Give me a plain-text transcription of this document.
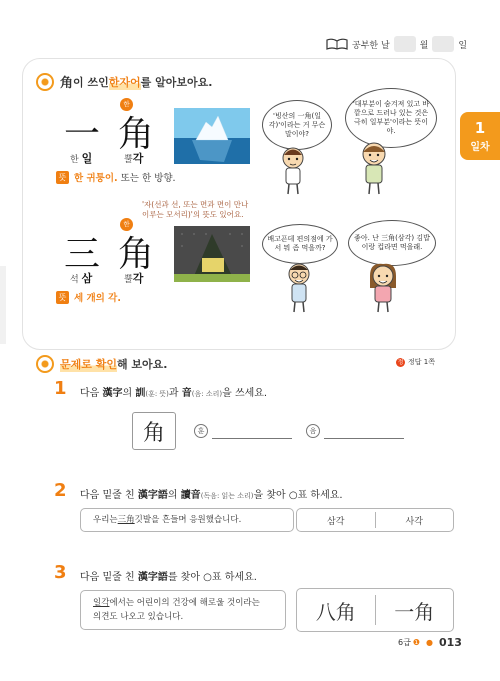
공부한 날	월	일
1
일차
角 이 쓰인 한자어 를 알아보아요.
한
一 角
한 일	뿔각
뜻 한 귀퉁이. 또는 한 방향.
'빙산의 一角(일각)'이라는 거 무슨 말이야?
'대부분이 숨겨져 있고 바깥으로 드러나 있는 것은 극히 일부분'이라는 뜻이야.
'자(선과 선, 또는 면과 면이 만나
이루는 모서리)'의 뜻도 있어요.
한
三 角
석 삼	뿔각
뜻 세 개의 각.
배고픈데 편의점에 가서 뭐 좀 먹을까?
좋아. 난 三角(삼각) 김밥이랑 컵라면 먹을래.
문제로 확인 해 보아요.	정 정답 1쪽
1 다음 漢字의 訓(훈: 뜻)과 音(음: 소리)을 쓰세요.
角	훈	음
2 다음 밑줄 친 漢字語의 讀音(독음: 읽는 소리)을 찾아 ○표 하세요.
우리는 三角 깃발을 흔들며 응원했습니다.	삼각	사각
3 다음 밑줄 친 漢字語를 찾아 ○표 하세요.
일각에서는 어린이의 건강에 해로울 것이라는
의견도 나오고 있습니다.	八角	一角
6급 ❶ ● 013
